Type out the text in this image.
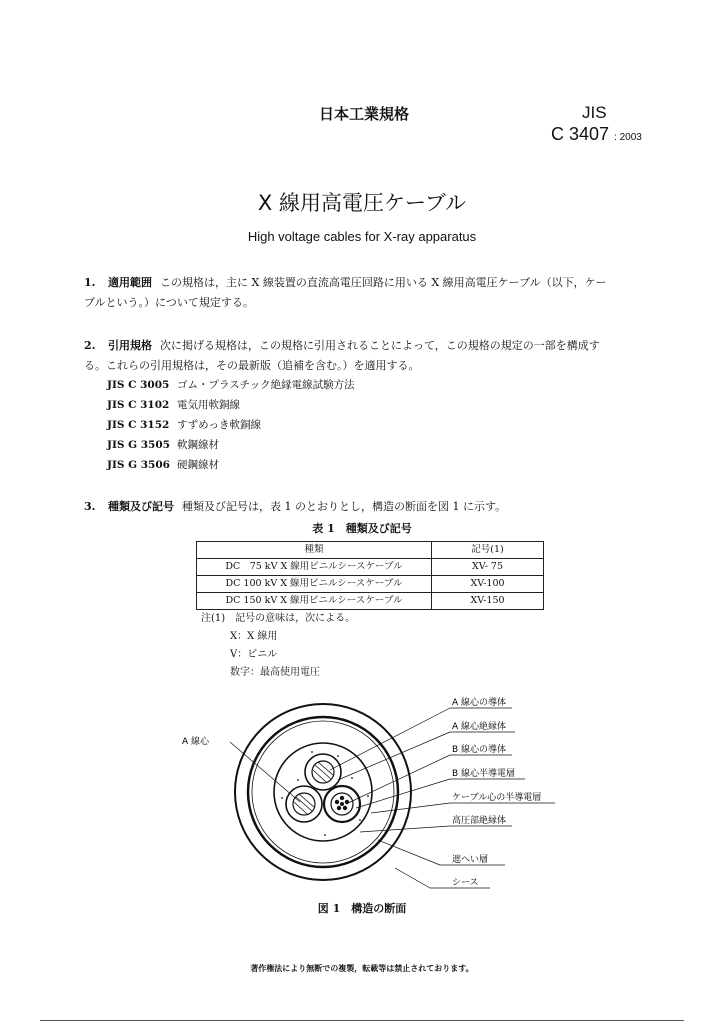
日本工業規格	JIS
C 3407 : 2003
X 線用高電圧ケーブル
High voltage cables for X-ray apparatus
1. 適用範囲 この規格は，主に X 線装置の直流高電圧回路に用いる X 線用高電圧ケーブル（以下，ケー
ブルという。）について規定する。
2. 引用規格 次に掲げる規格は，この規格に引用されることによって，この規格の規定の一部を構成す
る。これらの引用規格は，その最新版（追補を含む。）を適用する。
JIS C 3005 ゴム・プラスチック絶縁電線試験方法
JIS C 3102 電気用軟銅線
JIS C 3152 すずめっき軟銅線
JIS G 3505 軟鋼線材
JIS G 3506 硬鋼線材
3. 種類及び記号 種類及び記号は，表 1 のとおりとし，構造の断面を図 1 に示す。
表 1　種類及び記号
種類	記号(1)
DC　75 kV X 線用ビニルシースケーブル	XV- 75
DC 100 kV X 線用ビニルシースケーブル	XV-100
DC 150 kV X 線用ビニルシースケーブル	XV-150
注(1)　 記号の意味は，次による。
X：X 線用
V：ビニル
数字：最高使用電圧
A 線心
A 線心の導体
A 線心絶縁体
B 線心の導体
B 線心半導電層
ケーブル心の半導電層
高圧部絶縁体
遮へい層
シース
図 1　構造の断面
著作権法により無断での複製，転載等は禁止されております。
